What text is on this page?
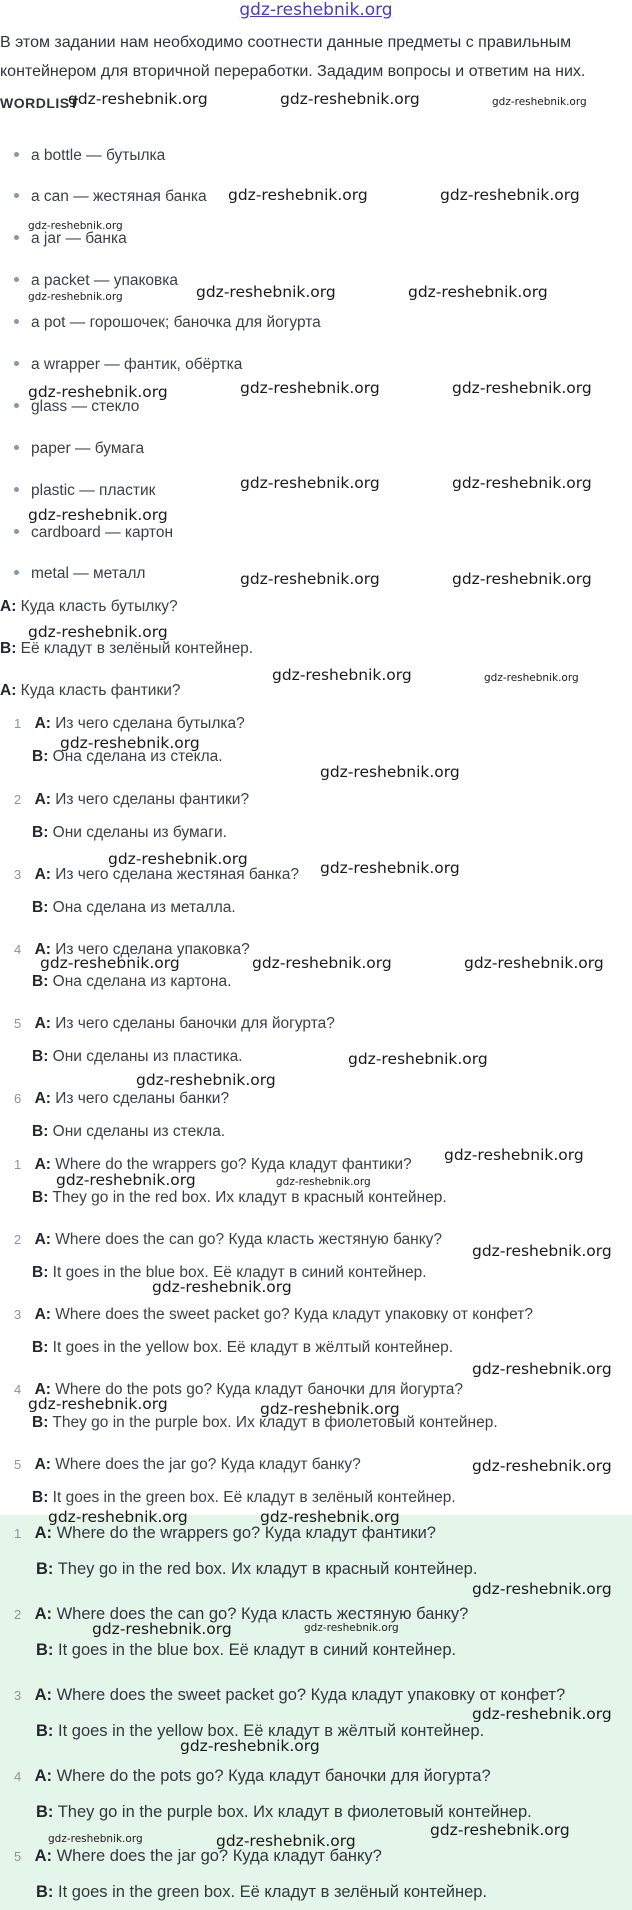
gdz-reshebnik.org
В этом задании нам необходимо соотнести данные предметы с правильным контейнером для вторичной переработки. Зададим вопросы и ответим на них.
WORDLIST
a bottle — бутылка
a can — жестяная банка
a jar — банка
a packet — упаковка
a pot — горошочек; баночка для йогурта
a wrapper — фантик, обёртка
glass — стекло
paper — бумага
plastic — пластик
cardboard — картон
metal — металл
A: Куда класть бутылку?
B: Её кладут в зелёный контейнер.
A: Куда класть фантики?
1 A: Из чего сделана бутылка?
B: Она сделана из стекла.
2 A: Из чего сделаны фантики?
B: Они сделаны из бумаги.
3 A: Из чего сделана жестяная банка?
B: Она сделана из металла.
4 A: Из чего сделана упаковка?
B: Она сделана из картона.
5 A: Из чего сделаны баночки для йогурта?
B: Они сделаны из пластика.
6 A: Из чего сделаны банки?
B: Они сделаны из стекла.
1 A: Where do the wrappers go? Куда кладут фантики?
B: They go in the red box. Их кладут в красный контейнер.
2 A: Where does the can go? Куда класть жестяную банку?
B: It goes in the blue box. Её кладут в синий контейнер.
3 A: Where does the sweet packet go? Куда кладут упаковку от конфет?
B: It goes in the yellow box. Её кладут в жёлтый контейнер.
4 A: Where do the pots go? Куда кладут баночки для йогурта?
B: They go in the purple box. Их кладут в фиолетовый контейнер.
5 A: Where does the jar go? Куда кладут банку?
B: It goes in the green box. Её кладут в зелёный контейнер.
1 A: Where do the wrappers go? Куда кладут фантики?
B: They go in the red box. Их кладут в красный контейнер.
2 A: Where does the can go? Куда класть жестяную банку?
B: It goes in the blue box. Её кладут в синий контейнер.
3 A: Where does the sweet packet go? Куда кладут упаковку от конфет?
B: It goes in the yellow box. Её кладут в жёлтый контейнер.
4 A: Where do the pots go? Куда кладут баночки для йогурта?
B: They go in the purple box. Их кладут в фиолетовый контейнер.
5 A: Where does the jar go? Куда кладут банку?
B: It goes in the green box. Её кладут в зелёный контейнер.
gdz-reshebnik.org	gdz-reshebnik.org	gdz-reshebnik.org
gdz-reshebnik.org	gdz-reshebnik.org
gdz-reshebnik.org
gdz-reshebnik.org	gdz-reshebnik.org
gdz-reshebnik.org
gdz-reshebnik.org	gdz-reshebnik.org	gdz-reshebnik.org
gdz-reshebnik.org	gdz-reshebnik.org
gdz-reshebnik.org
gdz-reshebnik.org	gdz-reshebnik.org
gdz-reshebnik.org
gdz-reshebnik.org	gdz-reshebnik.org
gdz-reshebnik.org
gdz-reshebnik.org
gdz-reshebnik.org	gdz-reshebnik.org
gdz-reshebnik.org	gdz-reshebnik.org	gdz-reshebnik.org
gdz-reshebnik.org
gdz-reshebnik.org
gdz-reshebnik.org
gdz-reshebnik.org	gdz-reshebnik.org
gdz-reshebnik.org
gdz-reshebnik.org
gdz-reshebnik.org
gdz-reshebnik.org	gdz-reshebnik.org
gdz-reshebnik.org
gdz-reshebnik.org	gdz-reshebnik.org
gdz-reshebnik.org
gdz-reshebnik.org	gdz-reshebnik.org
gdz-reshebnik.org
gdz-reshebnik.org
gdz-reshebnik.org
gdz-reshebnik.org	gdz-reshebnik.org
